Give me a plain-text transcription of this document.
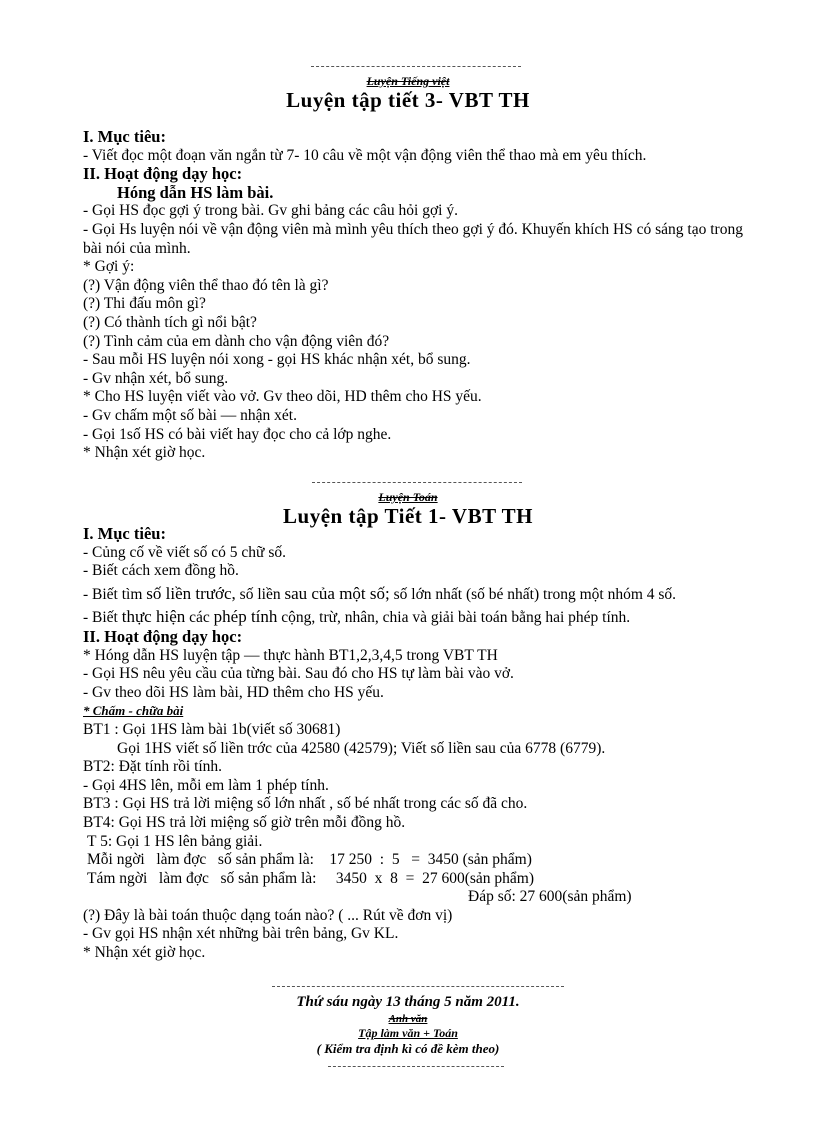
Luyện Tiếng việt
Luyện tập tiết 3- VBT TH

I. Mục tiêu:

- Viết đọc một đoạn văn ngắn từ 7- 10 câu về một vận động viên thể thao mà em yêu thích.

II. Hoạt động dạy học:

Hóng dẫn HS làm bài.

- Gọi HS đọc gợi ý trong bài. Gv ghi bảng các câu hỏi gợi ý.

- Gọi Hs luyện nói về vận động viên mà mình yêu thích theo gợi ý đó. Khuyến khích HS có sáng tạo trong bài nói của mình.

* Gợi ý:

(?) Vận động viên thể thao đó tên là gì?

(?) Thi đấu môn gì?

(?) Có thành tích gì nổi bật?

(?) Tình cảm của em dành cho vận động viên đó?

- Sau mỗi HS luyện nói xong - gọi HS khác nhận xét, bổ sung.

- Gv nhận xét, bổ sung.

* Cho HS luyện viết vào vở. Gv theo dõi, HD thêm cho HS yếu.

- Gv chấm một số bài — nhận xét.

- Gọi 1số HS có bài viết hay đọc cho cả lớp nghe.

* Nhận xét giờ học.

Luyện Toán
Luyện tập Tiết 1- VBT TH

I. Mục tiêu:

- Củng cố về viết số có 5 chữ số.

- Biết cách xem đồng hồ.

- Biết tìm số liền trước, số liền sau của một số; số lớn nhất (số bé nhất) trong một nhóm 4 số.

- Biết thực hiện các phép tính cộng, trừ, nhân, chia và giải bài toán bằng hai phép tính.

II. Hoạt động dạy học:

* Hóng dẫn HS luyện tập — thực hành BT1,2,3,4,5 trong VBT TH

- Gọi HS nêu yêu cầu của từng bài. Sau đó cho HS tự làm bài vào vở.

- Gv theo dõi HS làm bài, HD thêm cho HS yếu.

* Chấm - chữa bài

BT1 : Gọi 1HS làm bài 1b(viết số 30681)

Gọi 1HS viết số liền trớc của 42580 (42579); Viết số liền sau của 6778 (6779).

BT2: Đặt tính rồi tính.

- Gọi 4HS lên, mỗi em làm 1 phép tính.

BT3 : Gọi HS trả lời miệng số lớn nhất , số bé nhất trong các số đã cho.

BT4: Gọi HS trả lời miệng số giờ trên mỗi đồng hồ.

T 5: Gọi 1 HS lên bảng giải.

Mỗi ngời   làm đợc   số sản phẩm là:    17 250  :  5   =  3450 (sản phẩm)

Tám ngời   làm đợc   số sản phẩm là:     3450  x  8  =  27 600(sản phẩm)

Đáp số: 27 600(sản phẩm)

(?) Đây là bài toán thuộc dạng toán nào? ( ... Rút về đơn vị)

- Gv gọi HS nhận xét những bài trên bảng, Gv KL.

* Nhận xét giờ học.

Thứ sáu ngày 13 tháng 5 năm 2011.
Anh văn
Tập làm văn + Toán
( Kiểm tra định kì có đề kèm theo)
